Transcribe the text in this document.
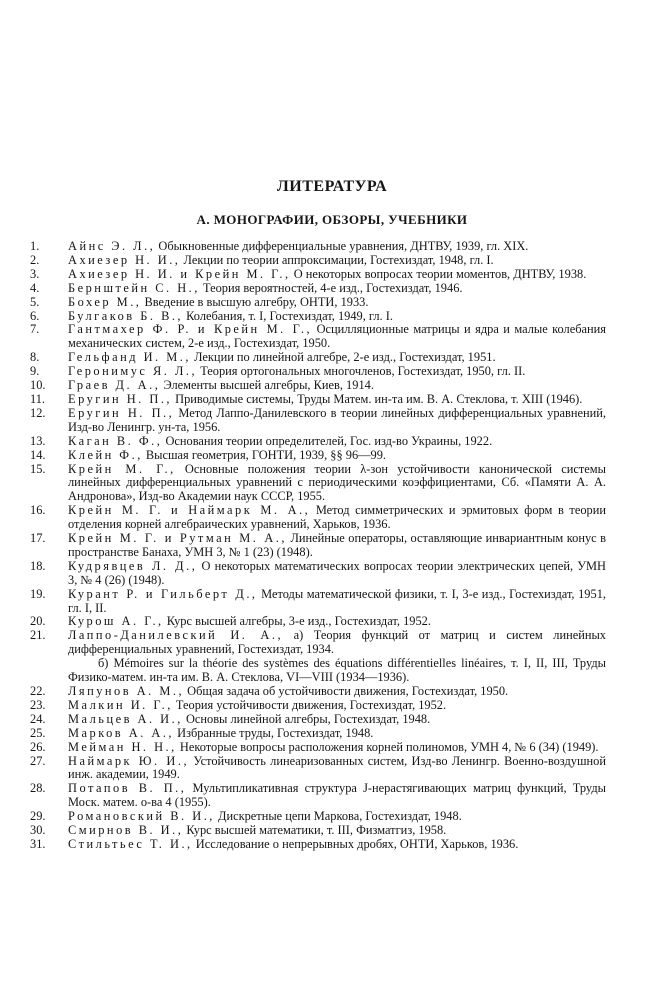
ЛИТЕРАТУРА
А. МОНОГРАФИИ, ОБЗОРЫ, УЧЕБНИКИ
1.	Айнс Э. Л., Обыкновенные дифференциальные уравнения, ДНТВУ, 1939, гл. XIX.
2.	Ахиезер Н. И., Лекции по теории аппроксимации, Гостехиздат, 1948, гл. I.
3.	Ахиезер Н. И. и Крейн М. Г., О некоторых вопросах теории моментов, ДНТВУ, 1938.
4.	Бернштейн С. Н., Теория вероятностей, 4-е изд., Гостехиздат, 1946.
5.	Бохер М., Введение в высшую алгебру, ОНТИ, 1933.
6.	Булгаков Б. В., Колебания, т. I, Гостехиздат, 1949, гл. I.
7.	Гантмахер Ф. Р. и Крейн М. Г., Осцилляционные матрицы и ядра и малые колебания механических систем, 2-е изд., Гостехиздат, 1950.
8.	Гельфанд И. М., Лекции по линейной алгебре, 2-е изд., Гостехиздат, 1951.
9.	Геронимус Я. Л., Теория ортогональных многочленов, Гостехиздат, 1950, гл. II.
10.	Граев Д. А., Элементы высшей алгебры, Киев, 1914.
11.	Еругин Н. П., Приводимые системы, Труды Матем. ин-та им. В. А. Стеклова, т. XIII (1946).
12.	Еругин Н. П., Метод Лаппо-Данилевского в теории линейных дифференциальных уравнений, Изд-во Ленингр. ун-та, 1956.
13.	Каган В. Ф., Основания теории определителей, Гос. изд-во Украины, 1922.
14.	Клейн Ф., Высшая геометрия, ГОНТИ, 1939, §§ 96—99.
15.	Крейн М. Г., Основные положения теории λ-зон устойчивости канонической системы линейных дифференциальных уравнений с периодическими коэффициентами, Сб. «Памяти А. А. Андронова», Изд-во Академии наук СССР, 1955.
16.	Крейн М. Г. и Наймарк М. А., Метод симметрических и эрмитовых форм в теории отделения корней алгебраических уравнений, Харьков, 1936.
17.	Крейн М. Г. и Рутман М. А., Линейные операторы, оставляющие инвариантным конус в пространстве Банаха, УМН 3, № 1 (23) (1948).
18.	Кудрявцев Л. Д., О некоторых математических вопросах теории электрических цепей, УМН 3, № 4 (26) (1948).
19.	Курант Р. и Гильберт Д., Методы математической физики, т. I, 3-е изд., Гостехиздат, 1951, гл. I, II.
20.	Курош А. Г., Курс высшей алгебры, 3-е изд., Гостехиздат, 1952.
21.	Лаппо-Данилевский И. А., а) Теория функций от матриц и систем линейных дифференциальных уравнений, Гостехиздат, 1934.
б) Mémoires sur la théorie des systèmes des équations différentielles linéaires, т. I, II, III, Труды Физико-матем. ин-та им. В. А. Стеклова, VI—VIII (1934—1936).
22.	Ляпунов А. М., Общая задача об устойчивости движения, Гостехиздат, 1950.
23.	Малкин И. Г., Теория устойчивости движения, Гостехиздат, 1952.
24.	Мальцев А. И., Основы линейной алгебры, Гостехиздат, 1948.
25.	Марков А. А., Избранные труды, Гостехиздат, 1948.
26.	Мейман Н. Н., Некоторые вопросы расположения корней полиномов, УМН 4, № 6 (34) (1949).
27.	Наймарк Ю. И., Устойчивость линеаризованных систем, Изд-во Ленингр. Военно-воздушной инж. академии, 1949.
28.	Потапов В. П., Мультипликативная структура J-нерастягивающих матриц функций, Труды Моск. матем. о-ва 4 (1955).
29.	Романовский В. И., Дискретные цепи Маркова, Гостехиздат, 1948.
30.	Смирнов В. И., Курс высшей математики, т. III, Физматгиз, 1958.
31.	Стильтьес Т. И., Исследование о непрерывных дробях, ОНТИ, Харьков, 1936.
